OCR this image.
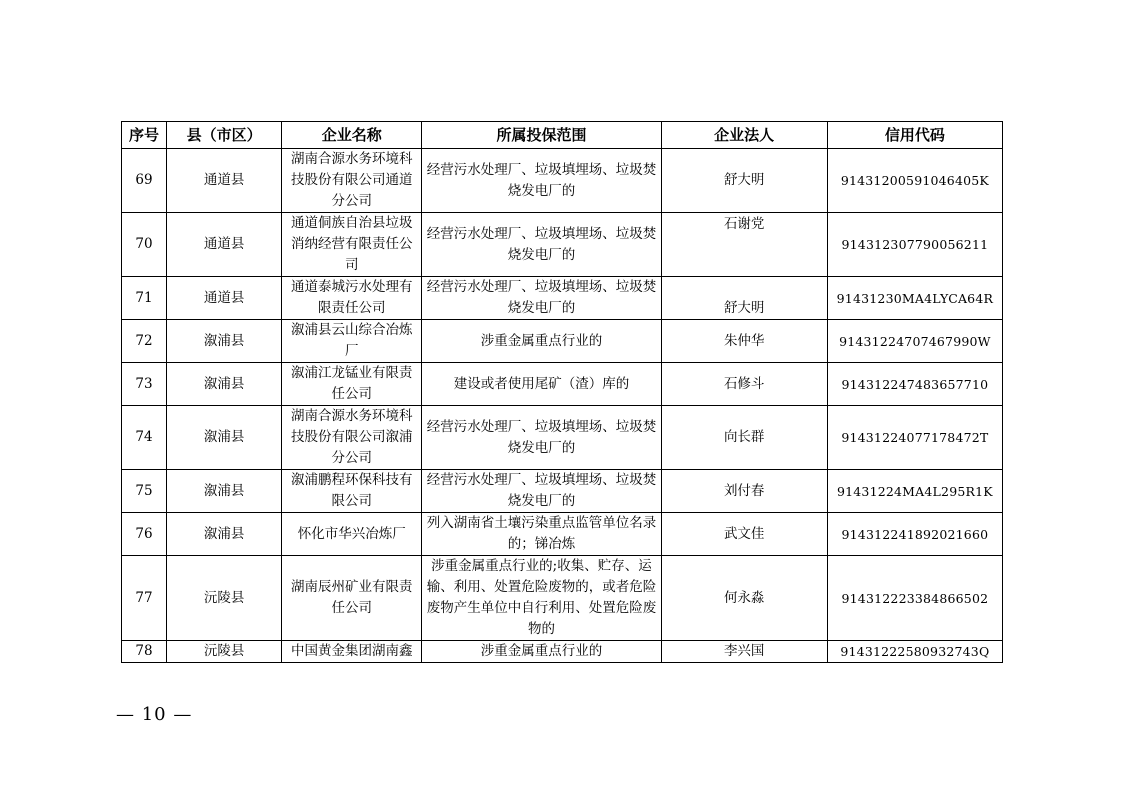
序号	县（市区）	企业名称	所属投保范围	企业法人	信用代码
69	通道县	湖南合源水务环境科技股份有限公司通道分公司	经营污水处理厂、垃圾填埋场、垃圾焚烧发电厂的	舒大明	91431200591046405K
70	通道县	通道侗族自治县垃圾消纳经营有限责任公司	经营污水处理厂、垃圾填埋场、垃圾焚烧发电厂的	石谢党	914312307790056211
71	通道县	通道泰城污水处理有限责任公司	经营污水处理厂、垃圾填埋场、垃圾焚烧发电厂的	舒大明	91431230MA4LYCA64R
72	溆浦县	溆浦县云山综合冶炼厂	涉重金属重点行业的	朱仲华	91431224707467990W
73	溆浦县	溆浦江龙锰业有限责任公司	建设或者使用尾矿（渣）库的	石修斗	914312247483657710
74	溆浦县	湖南合源水务环境科技股份有限公司溆浦分公司	经营污水处理厂、垃圾填埋场、垃圾焚烧发电厂的	向长群	91431224077178472T
75	溆浦县	溆浦鹏程环保科技有限公司	经营污水处理厂、垃圾填埋场、垃圾焚烧发电厂的	刘付春	91431224MA4L295R1K
76	溆浦县	怀化市华兴冶炼厂	列入湖南省土壤污染重点监管单位名录的；锑冶炼	武文佳	914312241892021660
77	沅陵县	湖南辰州矿业有限责任公司	涉重金属重点行业的;收集、贮存、运输、利用、处置危险废物的，或者危险废物产生单位中自行利用、处置危险废物的	何永淼	914312223384866502
78	沅陵县	中国黄金集团湖南鑫	涉重金属重点行业的	李兴国	91431222580932743Q
— 10 —
